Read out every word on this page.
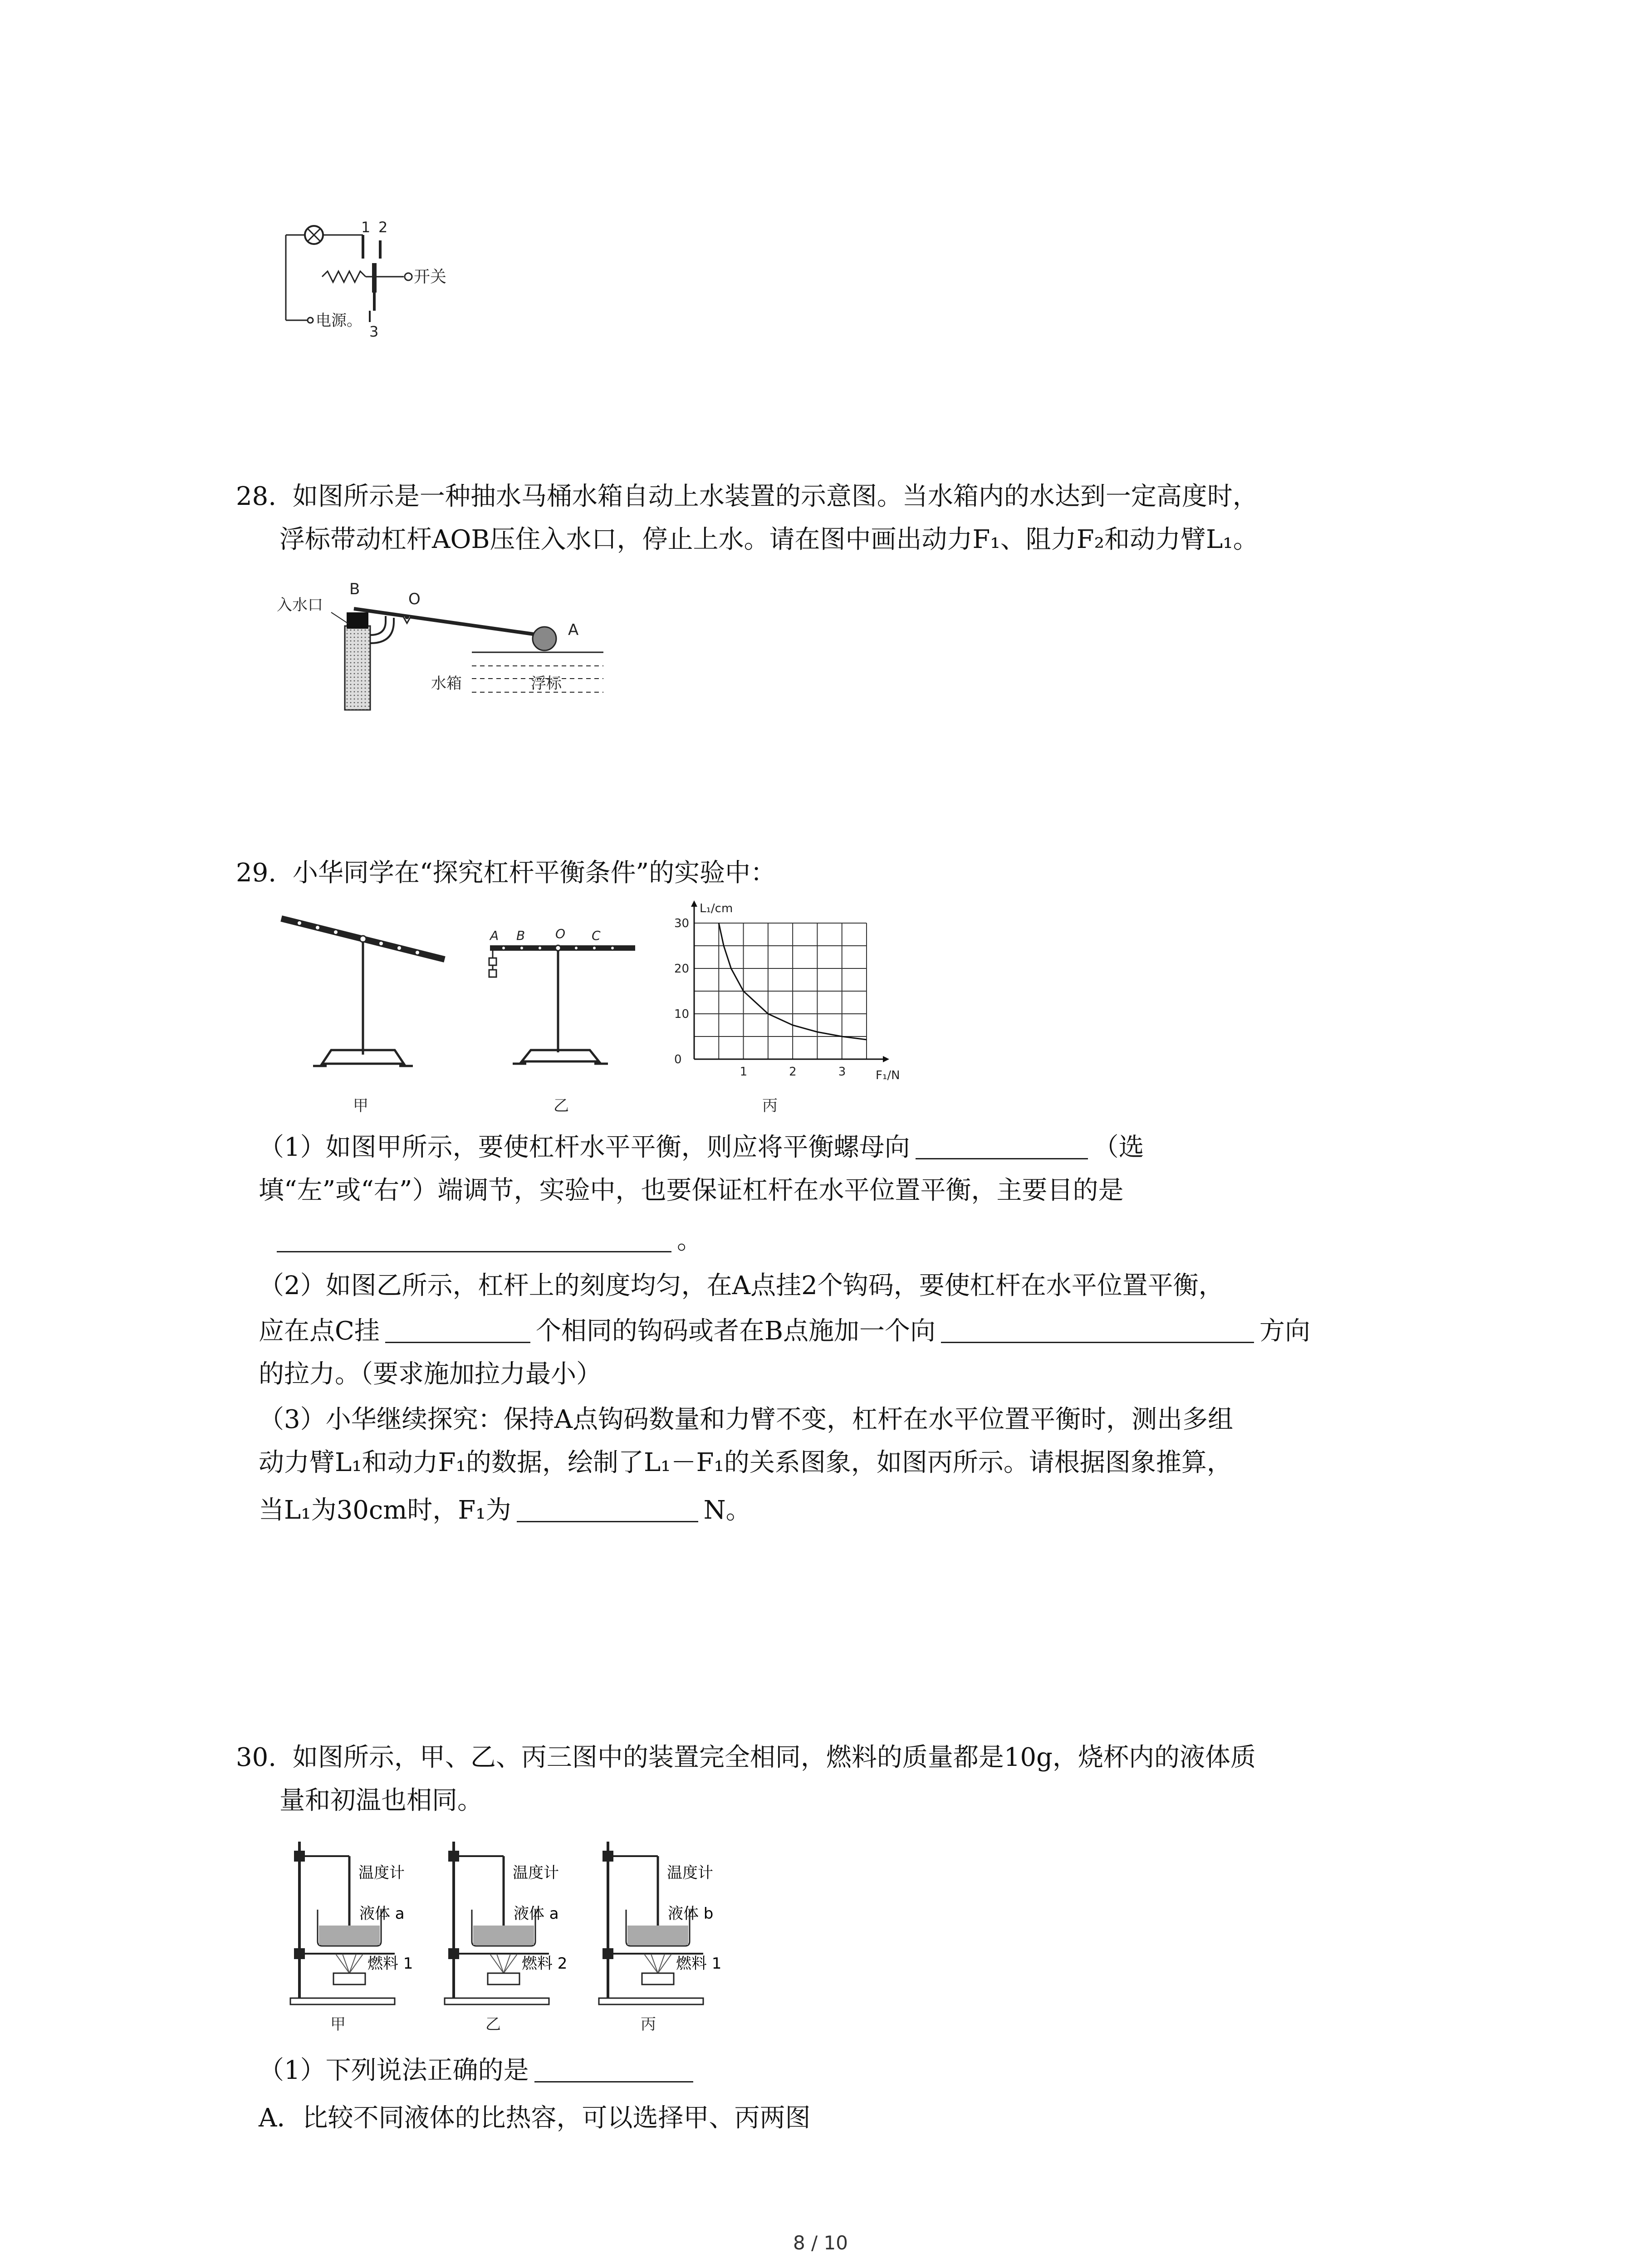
1 2
3
开关
电源。
28. 如图所示是一种抽水马桶水箱自动上水装置的示意图。当水箱内的水达到一定高度时，
浮标带动杠杆AOB压住入水口，停止上水。请在图中画出动力F₁、阻力F₂和动力臂L₁。
入水口
B
O
A
水箱	浮标
29. 小华同学在“探究杠杆平衡条件”的实验中：
甲
A B O C
乙
1	2	3
0
10
20
30
F₁/N
L₁/cm
丙
（1）如图甲所示，要使杠杆水平平衡，则应将平衡螺母向	（选
填“左”或“右”）端调节，实验中，也要保证杠杆在水平位置平衡，主要目的是
。
（2）如图乙所示，杠杆上的刻度均匀，在A点挂2个钩码，要使杠杆在水平位置平衡，
应在点C挂	个相同的钩码或者在B点施加一个向	方向
的拉力。（要求施加拉力最小）
（3）小华继续探究：保持A点钩码数量和力臂不变，杠杆在水平位置平衡时，测出多组
动力臂L₁和动力F₁的数据，绘制了L₁－F₁的关系图象，如图丙所示。请根据图象推算，
当L₁为30cm时，F₁为	N。
30. 如图所示，甲、乙、丙三图中的装置完全相同，燃料的质量都是10g，烧杯内的液体质
量和初温也相同。
温度计
液体 a
燃料 1
甲
温度计
液体 a
燃料 2
乙
温度计
液体 b
燃料 1
丙
（1）下列说法正确的是
A．比较不同液体的比热容，可以选择甲、丙两图
8 / 10
